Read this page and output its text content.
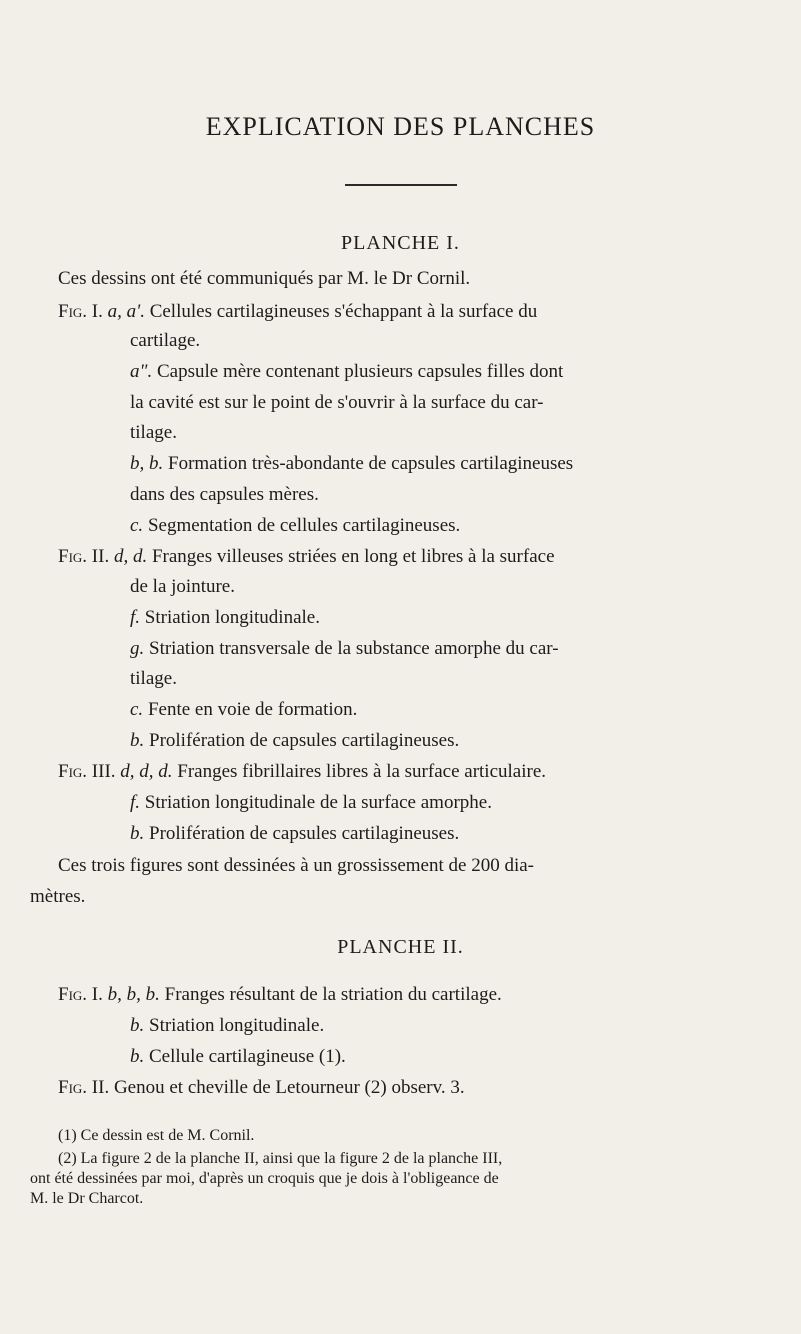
EXPLICATION DES PLANCHES
PLANCHE I.
Ces dessins ont été communiqués par M. le Dr Cornil.
Fig. I. a, a'. Cellules cartilagineuses s'échappant à la surface du
cartilage.
a". Capsule mère contenant plusieurs capsules filles dont
la cavité est sur le point de s'ouvrir à la surface du car-
tilage.
b, b. Formation très-abondante de capsules cartilagineuses
dans des capsules mères.
c. Segmentation de cellules cartilagineuses.
Fig. II. d, d. Franges villeuses striées en long et libres à la surface
de la jointure.
f. Striation longitudinale.
g. Striation transversale de la substance amorphe du car-
tilage.
c. Fente en voie de formation.
b. Prolifération de capsules cartilagineuses.
Fig. III. d, d, d. Franges fibrillaires libres à la surface articulaire.
f. Striation longitudinale de la surface amorphe.
b. Prolifération de capsules cartilagineuses.
Ces trois figures sont dessinées à un grossissement de 200 dia-
mètres.
PLANCHE II.
Fig. I. b, b, b. Franges résultant de la striation du cartilage.
b. Striation longitudinale.
b. Cellule cartilagineuse (1).
Fig. II. Genou et cheville de Letourneur (2) observ. 3.
(1) Ce dessin est de M. Cornil.
(2) La figure 2 de la planche II, ainsi que la figure 2 de la planche III,
ont été dessinées par moi, d'après un croquis que je dois à l'obligeance de
M. le Dr Charcot.
